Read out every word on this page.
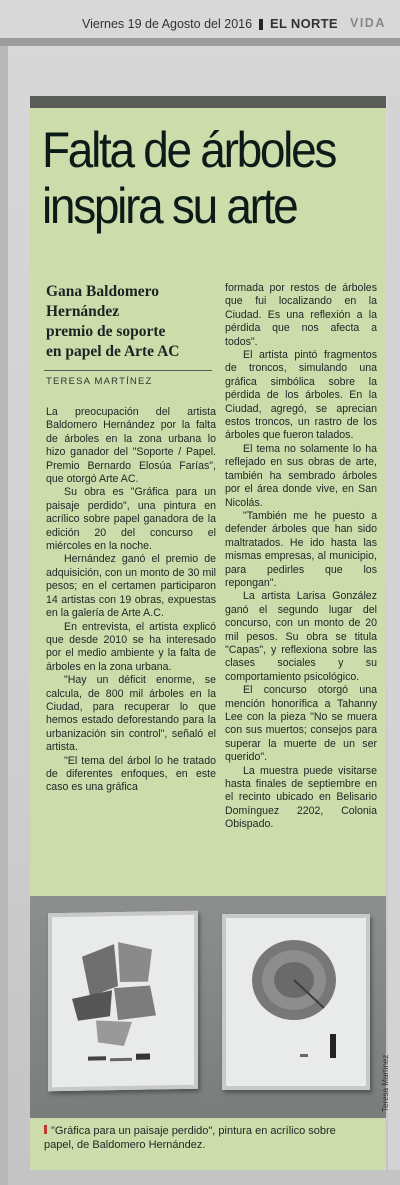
Viernes 19 de Agosto del 2016 EL NORTE VIDA
Falta de árboles
inspira su arte
Gana Baldomero
Hernández
premio de soporte
en papel de Arte AC
TERESA MARTÍNEZ

La preocupación del artista Baldomero Hernández por la falta de árboles en la zona urbana lo hizo ganador del "Soporte / Papel. Premio Bernardo Elosúa Farías", que otorgó Arte AC.

Su obra es "Gráfica para un paisaje perdido", una pintura en acrílico sobre papel ganadora de la edición 20 del concurso el miércoles en la noche.

Hernández ganó el premio de adquisición, con un monto de 30 mil pesos; en el certamen participaron 14 artistas con 19 obras, expuestas en la galería de Arte A.C.

En entrevista, el artista explicó que desde 2010 se ha interesado por el medio ambiente y la falta de árboles en la zona urbana.

"Hay un déficit enorme, se calcula, de 800 mil árboles en la Ciudad, para recuperar lo que hemos estado deforestando para la urbanización sin control", señaló el artista.

"El tema del árbol lo he tratado de diferentes enfoques, en este caso es una gráfica

formada por restos de árboles que fui localizando en la Ciudad. Es una reflexión a la pérdida que nos afecta a todos".

El artista pintó fragmentos de troncos, simulando una gráfica simbólica sobre la pérdida de los árboles. En la Ciudad, agregó, se aprecian estos troncos, un rastro de los árboles que fueron talados.

El tema no solamente lo ha reflejado en sus obras de arte, también ha sembrado árboles por el área donde vive, en San Nicolás.

"También me he puesto a defender árboles que han sido maltratados. He ido hasta las mismas empresas, al municipio, para pedirles que los repongan".

La artista Larisa González ganó el segundo lugar del concurso, con un monto de 20 mil pesos. Su obra se titula "Capas", y reflexiona sobre las clases sociales y su comportamiento psicológico.

El concurso otorgó una mención honorífica a Tahanny Lee con la pieza "No se muera con sus muertos; consejos para superar la muerte de un ser querido".

La muestra puede visitarse hasta finales de septiembre en el recinto ubicado en Belisario Domínguez 2202, Colonia Obispado.

Teresa Martínez
"Gráfica para un paisaje perdido", pintura en acrílico sobre papel, de Baldomero Hernández.
